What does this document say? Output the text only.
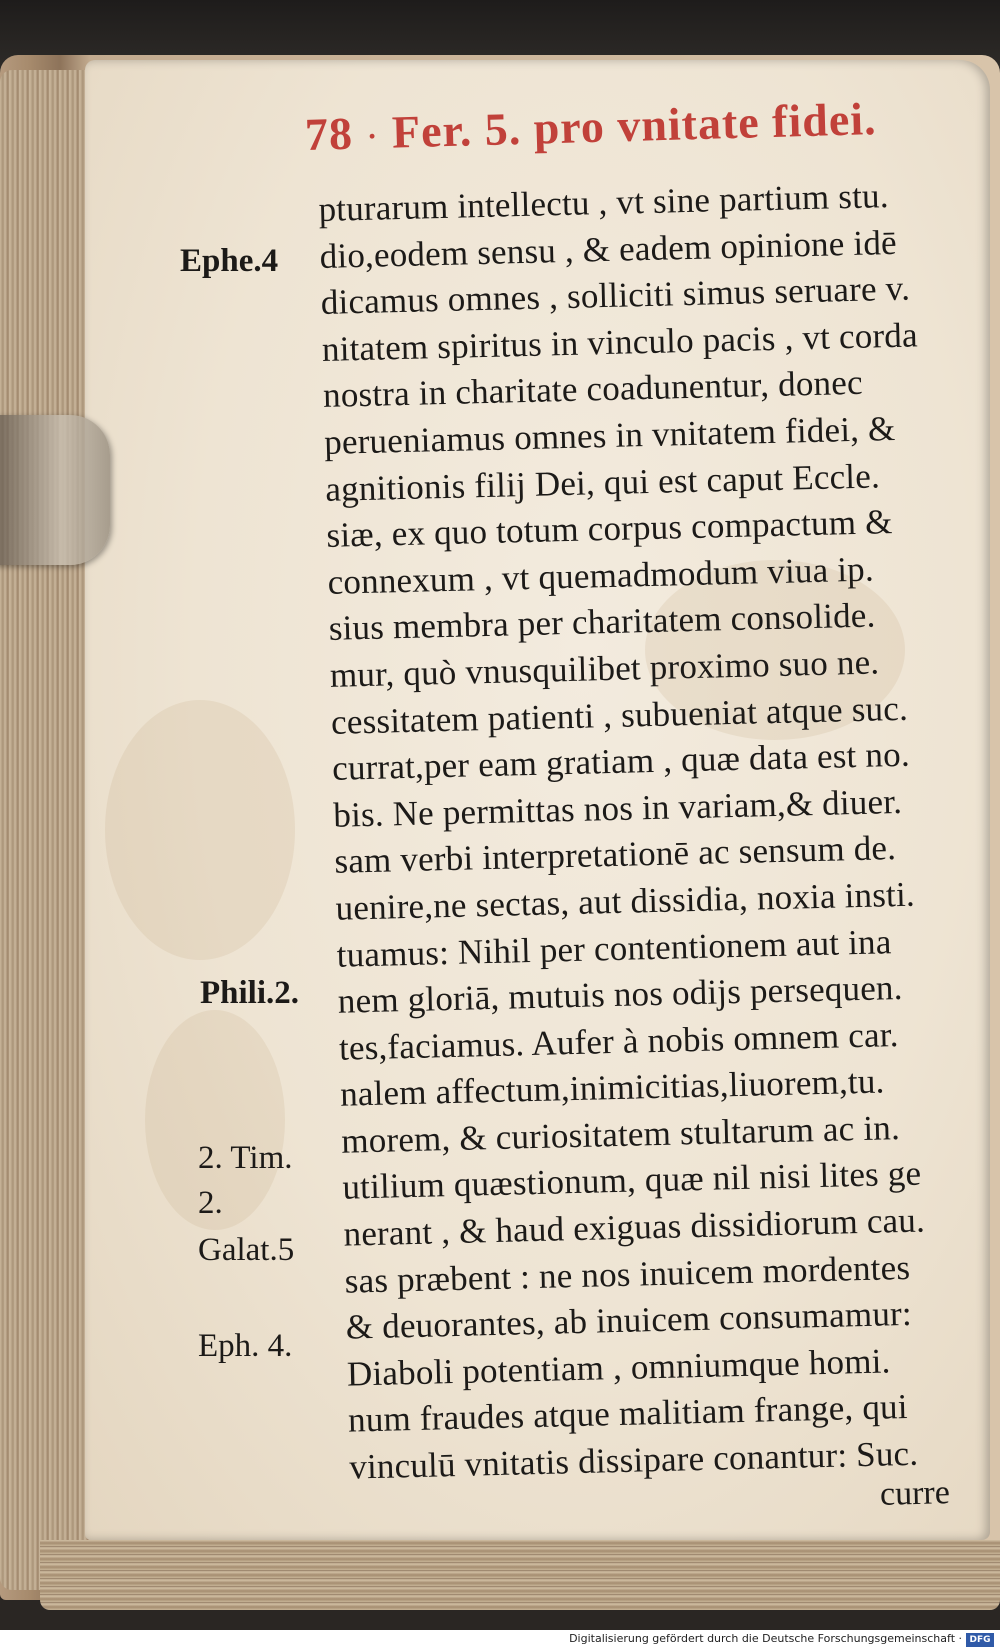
78 · Fer. 5. pro vnitate fidei.
pturarum intellectu , vt sine partium stu.
dio,eodem sensu , & eadem opinione idē
dicamus omnes , solliciti simus seruare v.
nitatem spiritus in vinculo pacis , vt corda
nostra in charitate coadunentur, donec
perueniamus omnes in vnitatem fidei, &
agnitionis filij Dei, qui est caput Eccle.
siæ, ex quo totum corpus compactum &
connexum , vt quemadmodum viua ip.
sius membra per charitatem consolide.
mur, quò vnusquilibet proximo suo ne.
cessitatem patienti , subueniat atque suc.
currat,per eam gratiam , quæ data est no.
bis. Ne permittas nos in variam,& diuer.
sam verbi interpretationē ac sensum de.
uenire,ne sectas, aut dissidia, noxia insti.
tuamus: Nihil per contentionem aut ina
nem gloriā, mutuis nos odijs persequen.
tes,faciamus. Aufer à nobis omnem car.
nalem affectum,inimicitias,liuorem,tu.
morem, & curiositatem stultarum ac in.
utilium quæstionum, quæ nil nisi lites ge
nerant , & haud exiguas dissidiorum cau.
sas præbent : ne nos inuicem mordentes
& deuorantes, ab inuicem consumamur:
Diaboli potentiam , omniumque homi.
num fraudes atque malitiam frange, qui
vinculū vnitatis dissipare conantur: Suc.
Ephe.4
Phili.2.
2. Tim.
2.
Galat.5
Eph. 4.
curre
Digitalisierung gefördert durch die Deutsche Forschungsgemeinschaft · DFG
